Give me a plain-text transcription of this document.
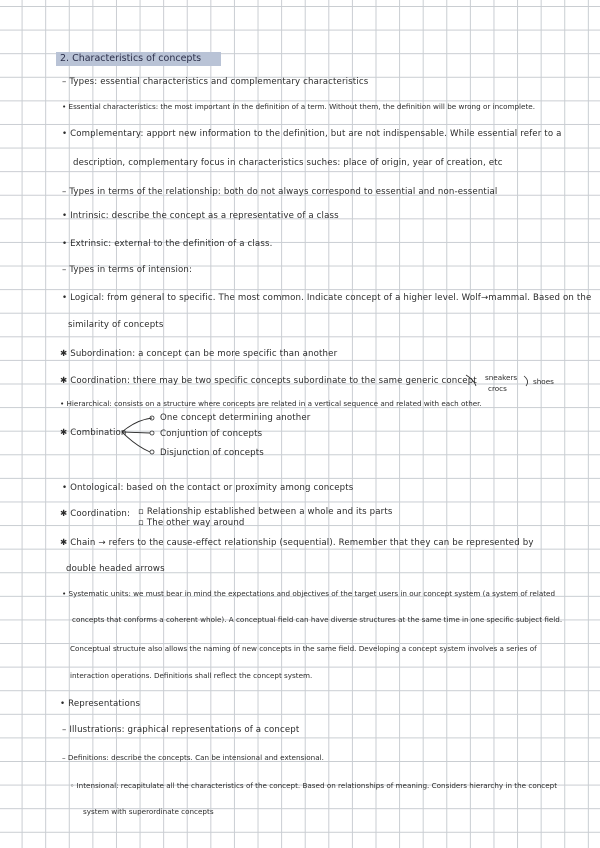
2. Characteristics of concepts
– Types: essential characteristics and complementary characteristics
• Essential characteristics: the most important in the definition of a term. Without them, the definition will be wrong or incomplete.
• Complementary: apport new information to the definition, but are not indispensable. While essential refer to a
description, complementary focus in characteristics suches: place of origin, year of creation, etc
– Types in terms of the relationship: both do not always correspond to essential and non-essential
• Intrinsic: describe the concept as a representative of a class
• Extrinsic: external to the definition of a class.
– Types in terms of intension:
• Logical: from general to specific. The most common. Indicate concept of a higher level. Wolf→mammal. Based on the
similarity of concepts
✱ Subordination: a concept can be more specific than another
✱ Coordination: there may be two specific concepts subordinate to the same generic concept sneakers
crocs
shoes
• Hierarchical: consists on a structure where concepts are related in a vertical sequence and related with each other.
✱ Combination
One concept determining another
Conjuntion of concepts
Disjunction of concepts
• Ontological: based on the contact or proximity among concepts
✱ Coordination: ▫ Relationship established between a whole and its parts
▫ The other way around
✱ Chain → refers to the cause-effect relationship (sequential). Remember that they can be represented by
double headed arrows
• Systematic units: we must bear in mind the expectations and objectives of the target users in our concept system (a system of related
concepts that conforms a coherent whole). A conceptual field can have diverse structures at the same time in one specific subject field.
Conceptual structure also allows the naming of new concepts in the same field. Developing a concept system involves a series of
interaction operations. Definitions shall reflect the concept system.
• Representations
– Illustrations: graphical representations of a concept
– Definitions: describe the concepts. Can be intensional and extensional.
◦ Intensional: recapitulate all the characteristics of the concept. Based on relationships of meaning. Considers hierarchy in the concept
system with superordinate concepts
